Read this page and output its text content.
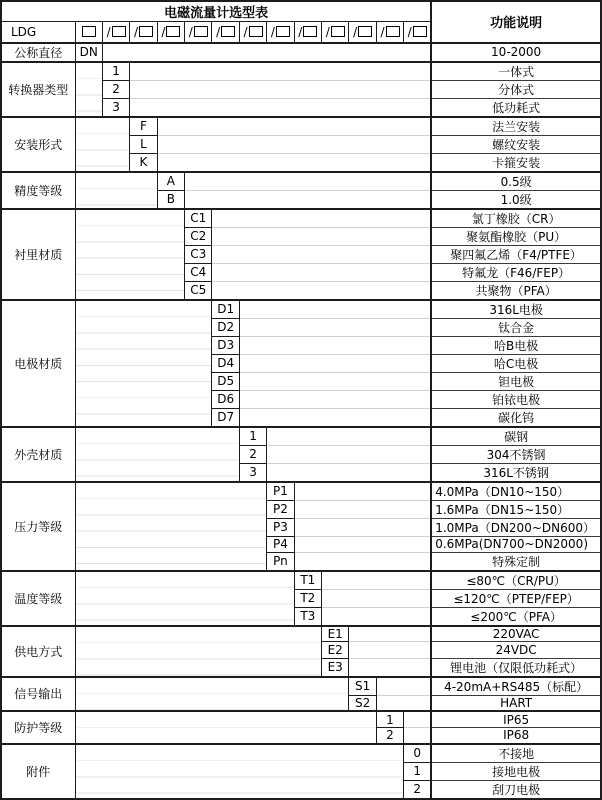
电磁流量计选型表														功能说明
LDG		/	/	/	/	/	/	/	/	/	/	/	/	
公称直径	DN													10-2000
转换器类型		1												一体式
		2												分体式
		3												低功耗式
安装形式			F											法兰安装
			L											螺纹安装
			K											卡箍安装
精度等级				A										0.5级
				B										1.0级
衬里材质					C1									氯丁橡胶（CR）
					C2									聚氨酯橡胶（PU）
					C3									聚四氟乙烯（F4/PTFE）
					C4									特氟龙（F46/FEP）
					C5									共聚物（PFA）
电极材质						D1								316L电极
						D2								钛合金
						D3								哈B电极
						D4								哈C电极
						D5								钽电极
						D6								铂铱电极
						D7								碳化钨
外壳材质							1							碳钢
							2							304不锈钢
							3							316L不锈钢
压力等级								P1						4.0MPa（DN10~150）
								P2						1.6MPa（DN15~150）
								P3						1.0MPa（DN200~DN600）
								P4						0.6MPa(DN700~DN2000)
								Pn						特殊定制
温度等级									T1					≤80℃（CR/PU）
									T2					≤120℃（PTEP/FEP）
									T3					≤200℃（PFA）
供电方式										E1				220VAC
										E2				24VDC
										E3				锂电池（仅限低功耗式）
信号输出											S1			4-20mA+RS485（标配）
											S2			HART
防护等级												1		IP65
												2		IP68
附件													0	不接地
													1	接地电极
													2	刮刀电极
